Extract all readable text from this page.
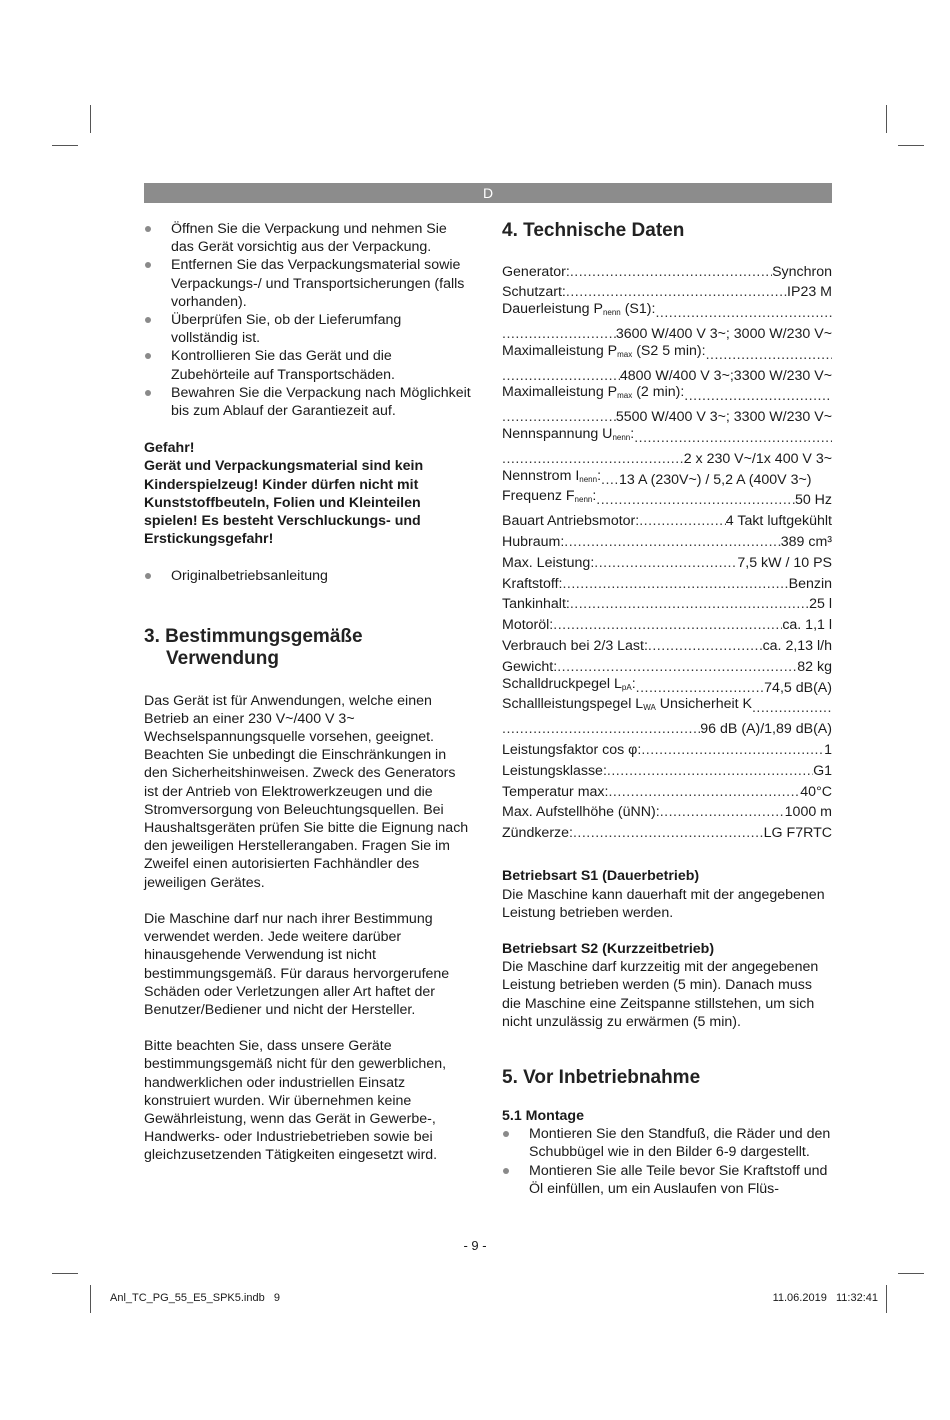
D
Öffnen Sie die Verpackung und nehmen Sie das Gerät vorsichtig aus der Verpackung.
Entfernen Sie das Verpackungsmaterial sowie Verpackungs-/ und Transportsicherungen (falls vorhanden).
Überprüfen Sie, ob der Lieferumfang vollständig ist.
Kontrollieren Sie das Gerät und die Zubehörteile auf Transportschäden.
Bewahren Sie die Verpackung nach Möglichkeit bis zum Ablauf der Garantiezeit auf.
Gefahr!
Gerät und Verpackungsmaterial sind kein Kinderspielzeug! Kinder dürfen nicht mit Kunststoffbeuteln, Folien und Kleinteilen spielen! Es besteht Verschluckungs- und Erstickungsgefahr!
Originalbetriebsanleitung
3. Bestimmungsgemäße
Verwendung

Das Gerät ist für Anwendungen, welche einen Betrieb an einer 230 V~/400 V 3~ Wechselspannungsquelle vorsehen, geeignet. Beachten Sie unbedingt die Einschränkungen in den Sicherheitshinweisen. Zweck des Generators ist der Antrieb von Elektrowerkzeugen und die Stromversorgung von Beleuchtungsquellen. Bei Haushaltsgeräten prüfen Sie bitte die Eignung nach den jeweiligen Herstellerangaben. Fragen Sie im Zweifel einen autorisierten Fachhändler des jeweiligen Gerätes.

Die Maschine darf nur nach ihrer Bestimmung verwendet werden. Jede weitere darüber hinausgehende Verwendung ist nicht bestimmungsgemäß. Für daraus hervorgerufene Schäden oder Verletzungen aller Art haftet der Benutzer/Bediener und nicht der Hersteller.

Bitte beachten Sie, dass unsere Geräte bestimmungsgemäß nicht für den gewerblichen, handwerklichen oder industriellen Einsatz konstruiert wurden. Wir übernehmen keine Gewährleistung, wenn das Gerät in Gewerbe-, Handwerks- oder Industriebetrieben sowie bei gleichzusetzenden Tätigkeiten eingesetzt wird.

4. Technische Daten
Generator: .....	Synchron
Schutzart: .....	IP23 M
Dauerleistung $P_{nenn}$ (S1):
.....
.....
3600 W/400 V 3~; 3000 W/230 V~
Maximalleistung $P_{max}$ (S2 5 min):
.....
.....
4800 W/400 V 3~;3300 W/230 V~
Maximalleistung $P_{max}$ (2 min):
.....
.....
5500 W/400 V 3~; 3300 W/230 V~
Nennspannung $U_{nenn}$:
.....
.....
2 x 230 V~/1x 400 V 3~
Nennstrom $I_{nenn}$: ..... 13 A (230V~) / 5,2 A (400V 3~)
Frequenz $F_{nenn}$: .....	50 Hz
Bauart Antriebsmotor: .....	4 Takt luftgekühlt
Hubraum: .....	389 cm³
Max. Leistung: .....	7,5 kW / 10 PS
Kraftstoff: .....	Benzin
Tankinhalt: .....	25 l
Motoröl: .....	ca. 1,1 l
Verbrauch bei 2/3 Last: .....	ca. 2,13 l/h
Gewicht: .....	82 kg
Schalldruckpegel $L_{pA}$: .....	74,5 dB(A)
Schallleistungspegel $L_{WA}$ Unsicherheit K
.....
.....
96 dB (A)/1,89 dB(A)
Leistungsfaktor cos φ: .....	1
Leistungsklasse: .....	G1
Temperatur max: .....	40°C
Max. Aufstellhöhe (üNN): .....	1000 m
Zündkerze: .....	LG F7RTC
Betriebsart S1 (Dauerbetrieb)

Die Maschine kann dauerhaft mit der angegebenen Leistung betrieben werden.

Betriebsart S2 (Kurzzeitbetrieb)

Die Maschine darf kurzzeitig mit der angegebenen Leistung betrieben werden (5 min). Danach muss die Maschine eine Zeitspanne stillstehen, um sich nicht unzulässig zu erwärmen (5 min).

5. Vor Inbetriebnahme
5.1 Montage
Montieren Sie den Standfuß, die Räder und den Schubbügel wie in den Bilder 6-9 dargestellt.
Montieren Sie alle Teile bevor Sie Kraftstoff und Öl einfüllen, um ein Auslaufen von Flüs-
- 9 -
Anl_TC_PG_55_E5_SPK5.indb   9	11.06.2019   11:32:41
